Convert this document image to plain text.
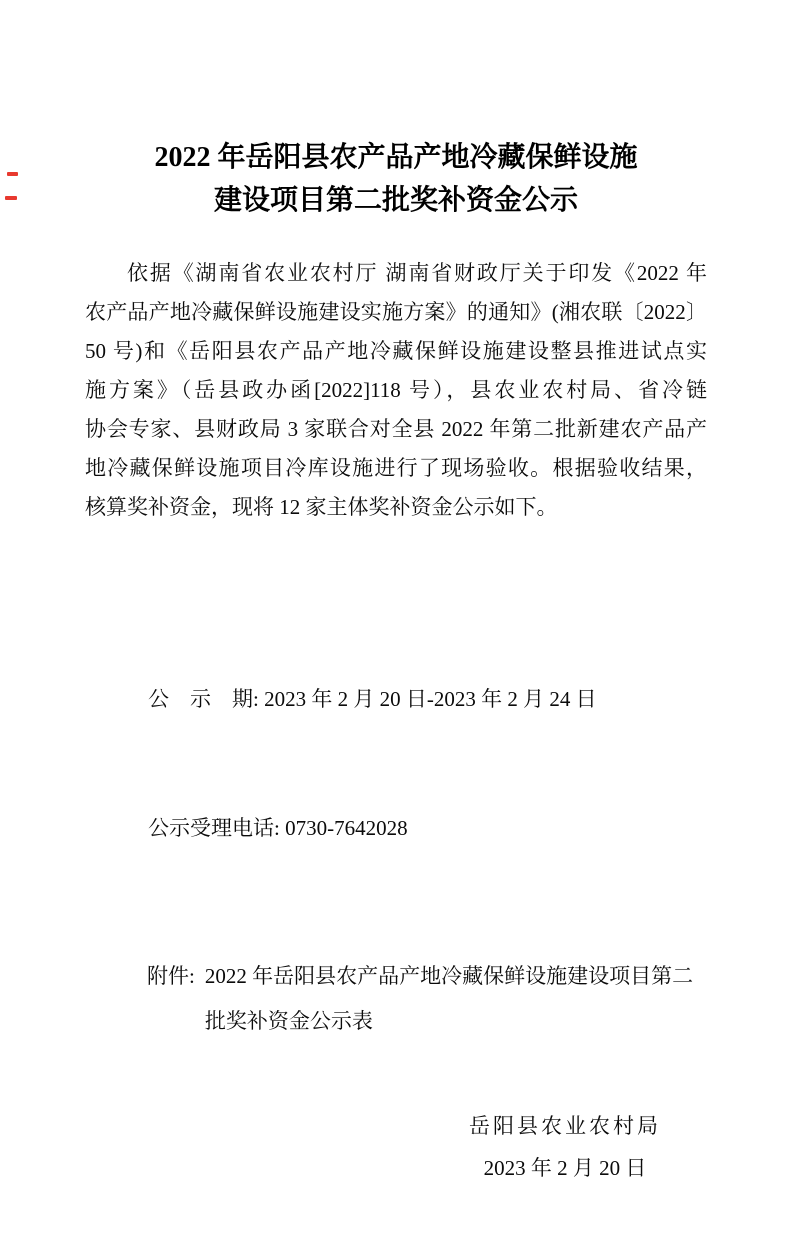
2022 年岳阳县农产品产地冷藏保鲜设施
建设项目第二批奖补资金公示
依据《湖南省农业农村厅 湖南省财政厅关于印发《2022 年
农产品产地冷藏保鲜设施建设实施方案》的通知》(湘农联〔2022〕
50 号)和《岳阳县农产品产地冷藏保鲜设施建设整县推进试点实
施方案》（岳县政办函[2022]118 号），县农业农村局、省冷链
协会专家、县财政局 3 家联合对全县 2022 年第二批新建农产品产
地冷藏保鲜设施项目冷库设施进行了现场验收。根据验收结果，
核算奖补资金，现将 12 家主体奖补资金公示如下。

公　示　期: 2023 年 2 月 20 日-2023 年 2 月 24 日

公示受理电话: 0730-7642028

附件: 2022 年岳阳县农产品产地冷藏保鲜设施建设项目第二
批奖补资金公示表
岳阳县农业农村局
2023 年 2 月 20 日
